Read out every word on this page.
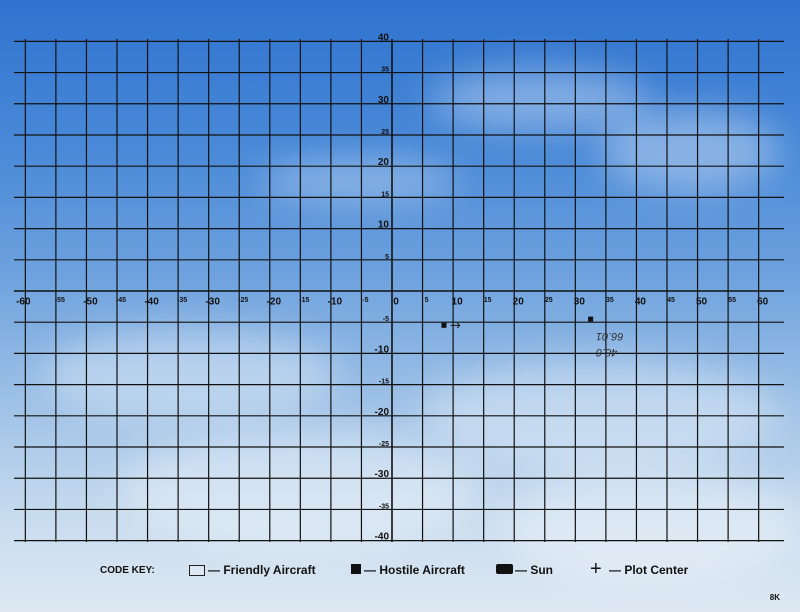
-60	-55 -50	-45 -40	-35 -30	-25 -20	-15 -10	-5 0	5 10	15 20	25 30	35 40	45 50	55 60
40
35
30
25
20
15
10
5
-5
-10
-15
-20
-25
-30
-35
-40
→
66.01
48.0
CODE KEY:	— Friendly Aircraft	— Hostile Aircraft	— Sun + — Plot Center
8K
